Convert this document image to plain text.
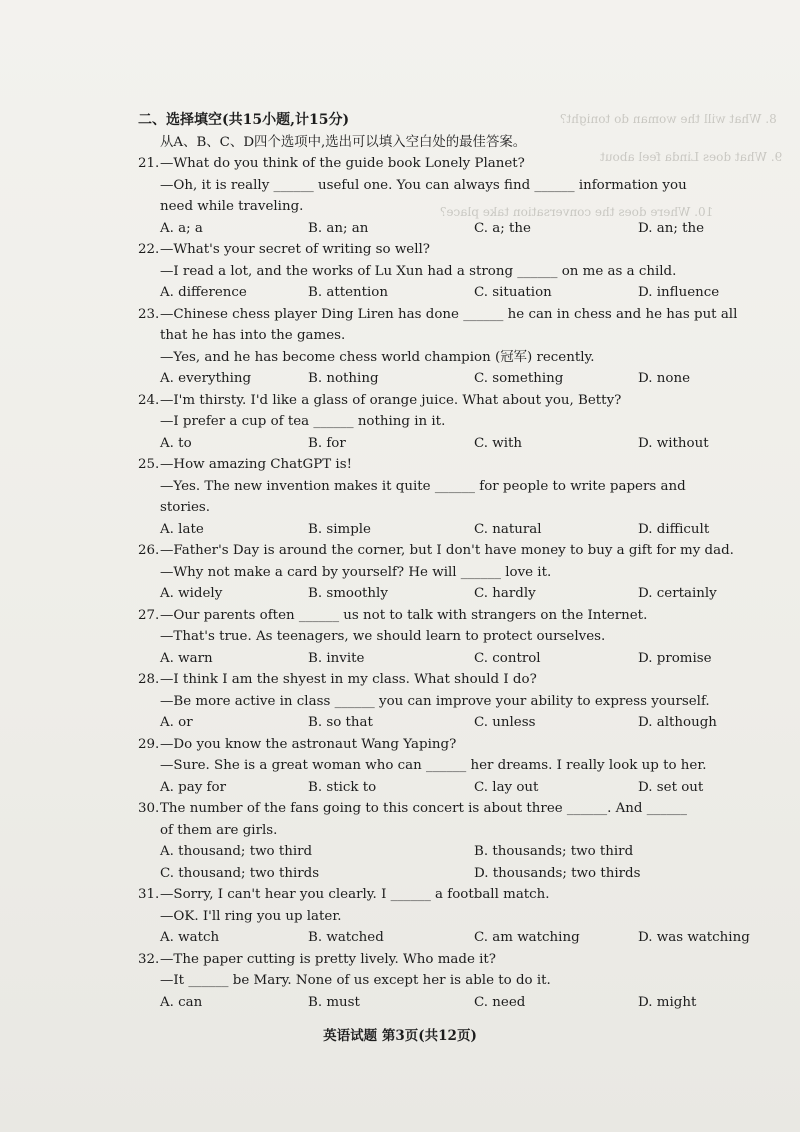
8. What will the woman do tonight?
9. What does Linda feel about
10. Where does the conversation take place?
二、选择填空(共15小题,计15分)
从A、B、C、D四个选项中,选出可以填入空白处的最佳答案。
21.—What do you think of the guide book Lonely Planet?
—Oh, it is really ______ useful one. You can always find ______ information you
need while traveling.
A. a; a	B. an; an	C. a; the	D. an; the
22.—What's your secret of writing so well?
—I read a lot, and the works of Lu Xun had a strong ______ on me as a child.
A. difference	B. attention	C. situation	D. influence
23.—Chinese chess player Ding Liren has done ______ he can in chess and he has put all
that he has into the games.
—Yes, and he has become chess world champion (冠军) recently.
A. everything	B. nothing	C. something	D. none
24.—I'm thirsty. I'd like a glass of orange juice. What about you, Betty?
—I prefer a cup of tea ______ nothing in it.
A. to	B. for	C. with	D. without
25.—How amazing ChatGPT is!
—Yes. The new invention makes it quite ______ for people to write papers and
stories.
A. late	B. simple	C. natural	D. difficult
26.—Father's Day is around the corner, but I don't have money to buy a gift for my dad.
—Why not make a card by yourself? He will ______ love it.
A. widely	B. smoothly	C. hardly	D. certainly
27.—Our parents often ______ us not to talk with strangers on the Internet.
—That's true. As teenagers, we should learn to protect ourselves.
A. warn	B. invite	C. control	D. promise
28.—I think I am the shyest in my class. What should I do?
—Be more active in class ______ you can improve your ability to express yourself.
A. or	B. so that	C. unless	D. although
29.—Do you know the astronaut Wang Yaping?
—Sure. She is a great woman who can ______ her dreams. I really look up to her.
A. pay for	B. stick to	C. lay out	D. set out
30.The number of the fans going to this concert is about three ______. And ______
of them are girls.
A. thousand; two third	B. thousands; two third
C. thousand; two thirds	D. thousands; two thirds
31.—Sorry, I can't hear you clearly. I ______ a football match.
—OK. I'll ring you up later.
A. watch	B. watched	C. am watching	D. was watching
32.—The paper cutting is pretty lively. Who made it?
—It ______ be Mary. None of us except her is able to do it.
A. can	B. must	C. need	D. might
英语试题 第3页(共12页)
